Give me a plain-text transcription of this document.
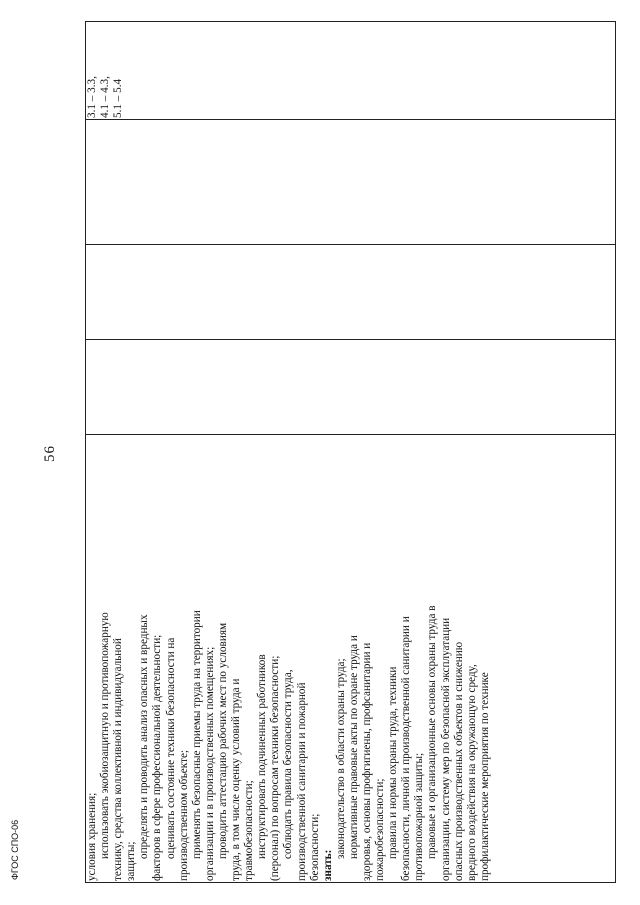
56
ФГОС СПО-06	условия хранения; использовать экобиозащитную и противопожарную технику, средства коллективной и индивидуальной защиты;
определять и проводить анализ опасных и вредных факторов в сфере профессиональной деятельности; оценивать состояние техники безопасности на производственном объекте; применять безопасные приемы труда на территории организации и в производственных помещениях; проводить аттестацию рабочих мест по условиям труда, в том числе оценку условий труда и травмобезопасности; инструктировать подчиненных работников (персонал) по вопросам техники безопасности; соблюдать правила безопасности труда, производственной санитарии и пожарной безопасности; знать:
законодательство в области охраны труда; нормативные правовые акты по охране труда и здоровья, основы профгигиены, профсанитарии и пожаробезопасности; правила и нормы охраны труда, техники безопасности, личной и производственной санитарии и противопожарной защиты; правовые и организационные основы охраны труда в организации, систему мер по безопасной эксплуатации опасных производственных объектов и снижению вредного воздействия на окружающую среду, профилактические мероприятия по технике
3.1 – 3.3, 4.1 – 4.3, 5.1 – 5.4
